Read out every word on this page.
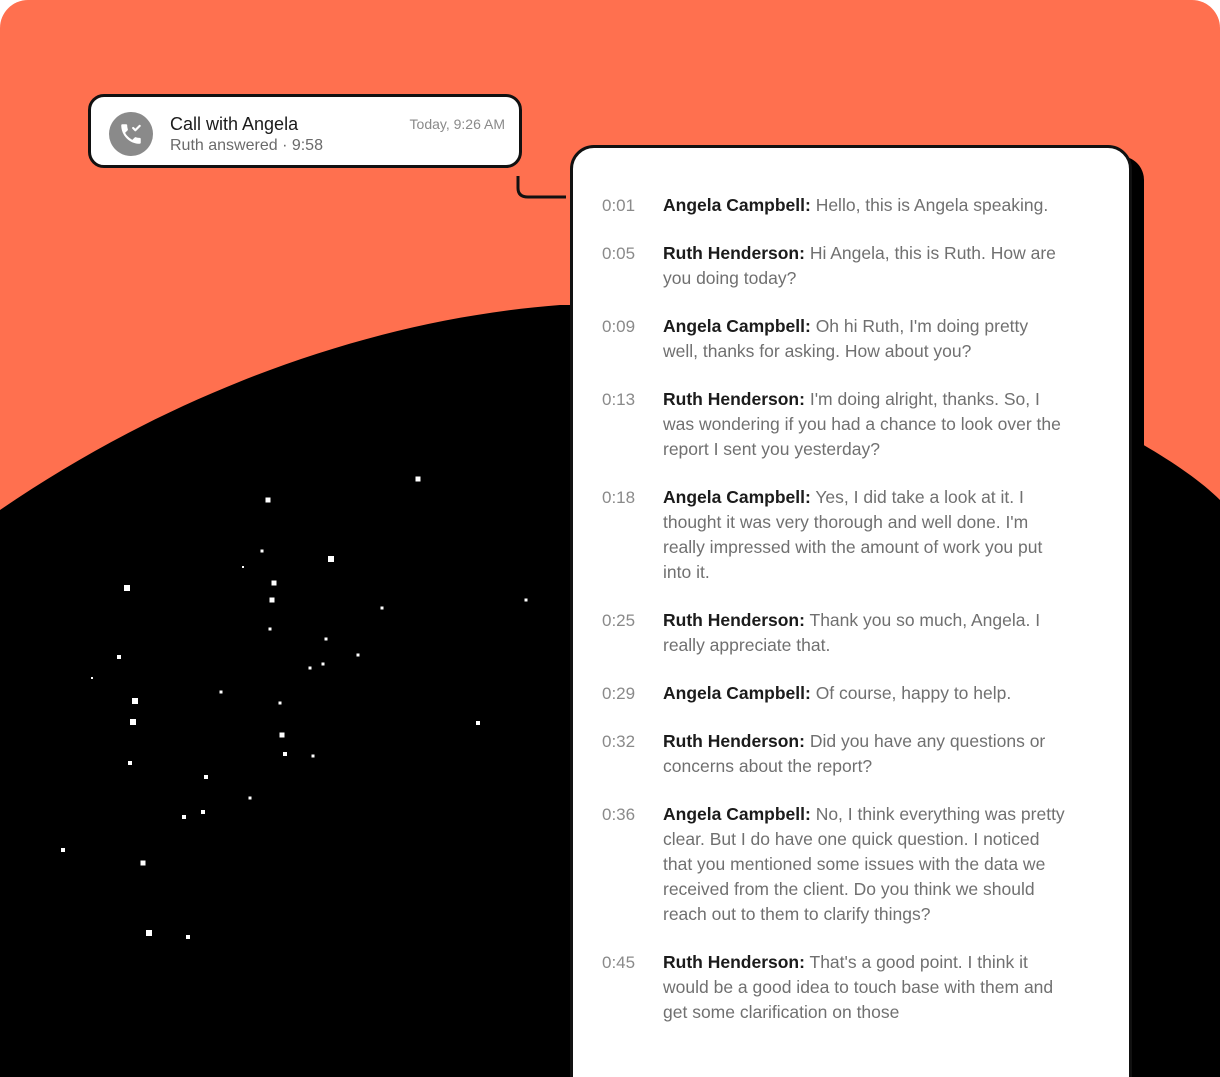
Call with Angela
Ruth answered · 9:58
Today, 9:26 AM
0:01 Angela Campbell: Hello, this is Angela speaking.
0:05 Ruth Henderson: Hi Angela, this is Ruth. How are you doing today?
0:09 Angela Campbell: Oh hi Ruth, I'm doing pretty well, thanks for asking. How about you?
0:13 Ruth Henderson: I'm doing alright, thanks. So, I was wondering if you had a chance to look over the report I sent you yesterday?
0:18 Angela Campbell: Yes, I did take a look at it. I thought it was very thorough and well done. I'm really impressed with the amount of work you put into it.
0:25 Ruth Henderson: Thank you so much, Angela. I really appreciate that.
0:29 Angela Campbell: Of course, happy to help.
0:32 Ruth Henderson: Did you have any questions or concerns about the report?
0:36 Angela Campbell: No, I think everything was pretty clear. But I do have one quick question. I noticed that you mentioned some issues with the data we received from the client. Do you think we should reach out to them to clarify things?
0:45 Ruth Henderson: That's a good point. I think it would be a good idea to touch base with them and get some clarification on those
